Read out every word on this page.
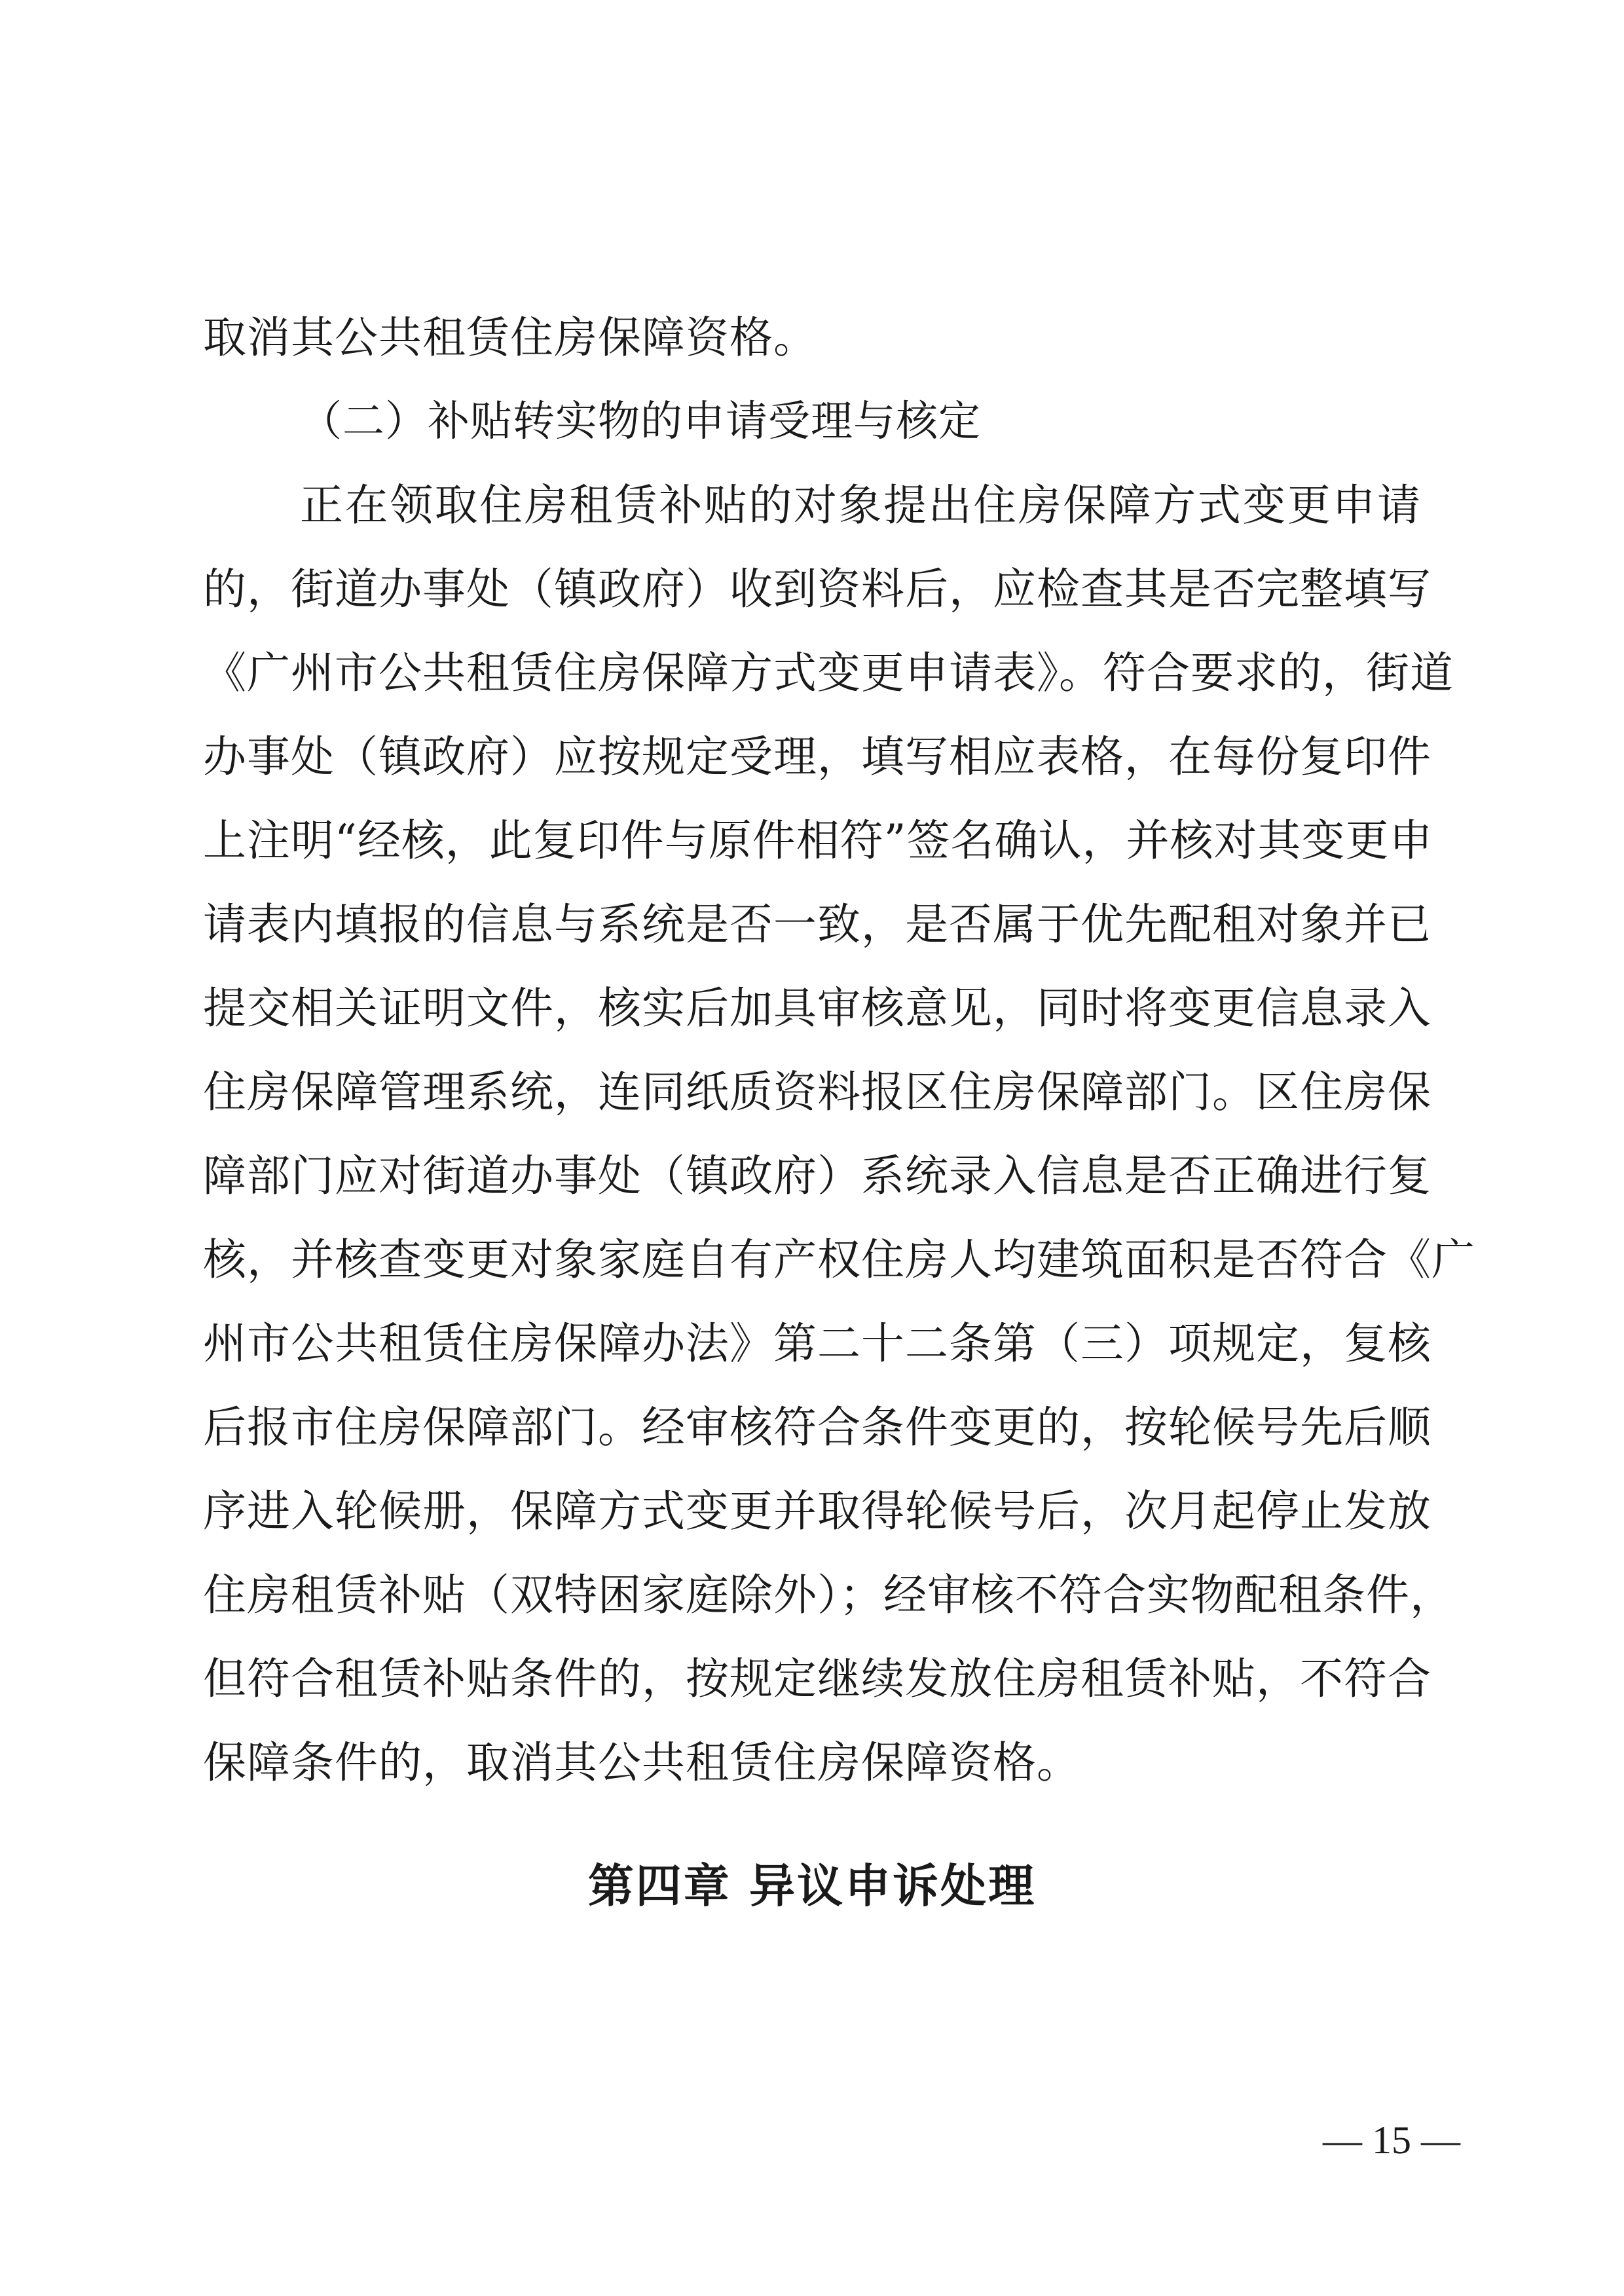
取消其公共租赁住房保障资格。
（二）补贴转实物的申请受理与核定
正在领取住房租赁补贴的对象提出住房保障方式变更申请
的，街道办事处（镇政府）收到资料后，应检查其是否完整填写
《广州市公共租赁住房保障方式变更申请表》。符合要求的，街道
办事处（镇政府）应按规定受理，填写相应表格，在每份复印件
上注明“经核，此复印件与原件相符”签名确认，并核对其变更申
请表内填报的信息与系统是否一致，是否属于优先配租对象并已
提交相关证明文件，核实后加具审核意见，同时将变更信息录入
住房保障管理系统，连同纸质资料报区住房保障部门。区住房保
障部门应对街道办事处（镇政府）系统录入信息是否正确进行复
核，并核查变更对象家庭自有产权住房人均建筑面积是否符合《广
州市公共租赁住房保障办法》第二十二条第（三）项规定，复核
后报市住房保障部门。经审核符合条件变更的，按轮候号先后顺
序进入轮候册，保障方式变更并取得轮候号后，次月起停止发放
住房租赁补贴（双特困家庭除外）；经审核不符合实物配租条件，
但符合租赁补贴条件的，按规定继续发放住房租赁补贴，不符合
保障条件的，取消其公共租赁住房保障资格。
第四章 异议申诉处理
— 15 —
